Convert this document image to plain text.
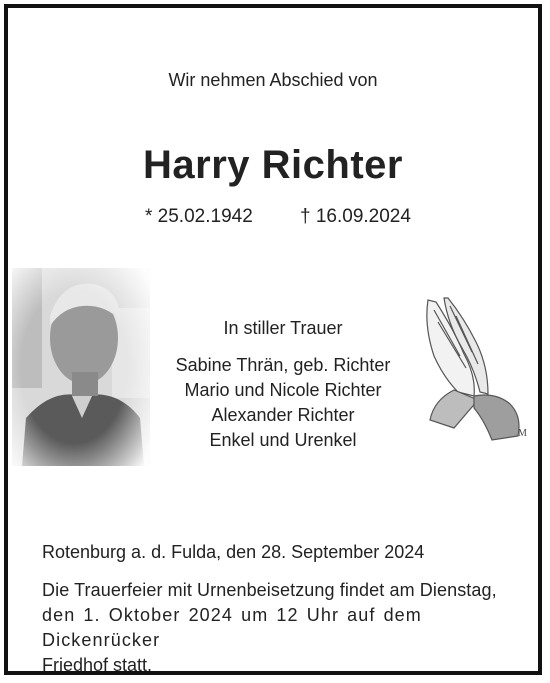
Wir nehmen Abschied von
Harry Richter
* 25.02.1942 † 16.09.2024
In stiller Trauer
Sabine Thrän, geb. Richter
Mario und Nicole Richter
Alexander Richter
Enkel und Urenkel	M
Rotenburg a. d. Fulda, den 28. September 2024
Die Trauerfeier mit Urnenbeisetzung findet am Dienstag,
den 1. Oktober 2024 um 12 Uhr auf dem Dickenrücker
Friedhof statt.
